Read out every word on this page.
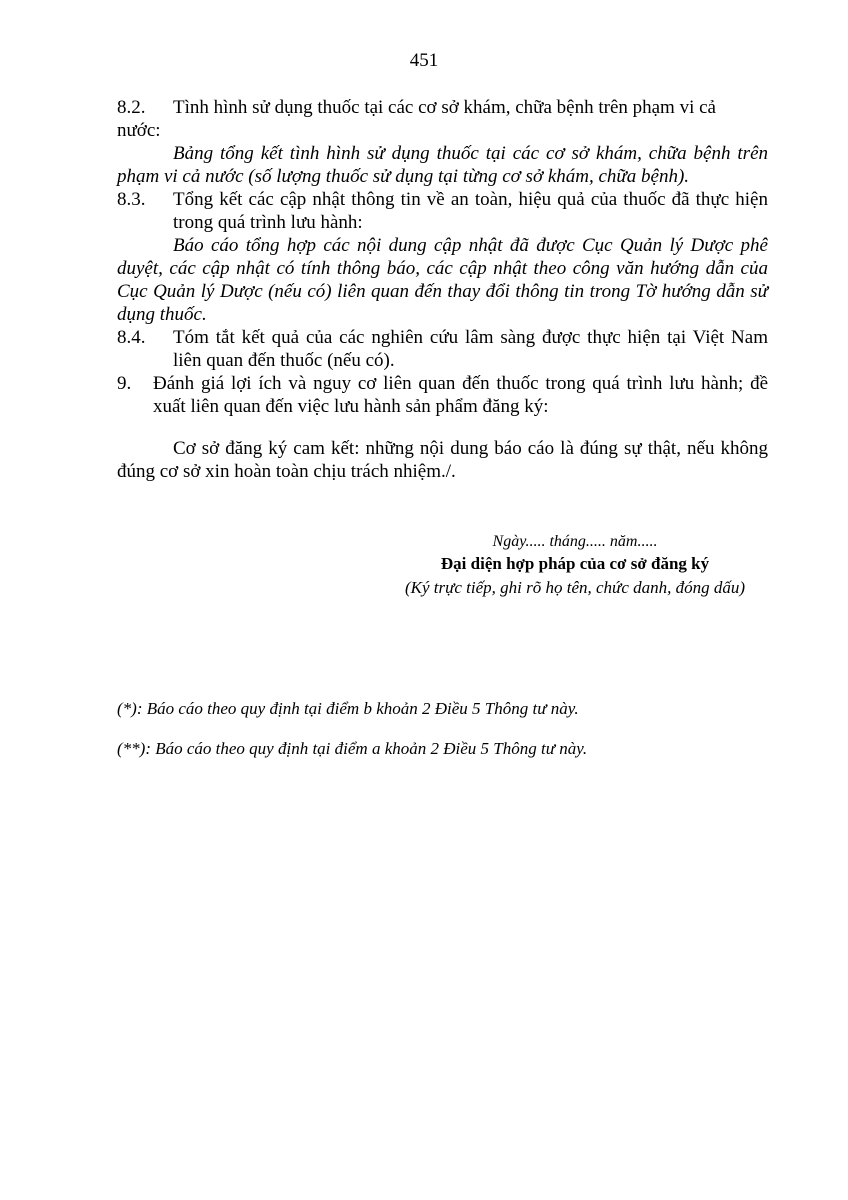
451
8.2.	Tình hình sử dụng thuốc tại các cơ sở khám, chữa bệnh trên phạm vi cả
nước:
Bảng tổng kết tình hình sử dụng thuốc tại các cơ sở khám, chữa bệnh trên phạm vi cả nước (số lượng thuốc sử dụng tại từng cơ sở khám, chữa bệnh).
8.3.	Tổng kết các cập nhật thông tin về an toàn, hiệu quả của thuốc đã thực hiện trong quá trình lưu hành:
Báo cáo tổng hợp các nội dung cập nhật đã được Cục Quản lý Dược phê duyệt, các cập nhật có tính thông báo, các cập nhật theo công văn hướng dẫn của Cục Quản lý Dược (nếu có) liên quan đến thay đổi thông tin trong Tờ hướng dẫn sử dụng thuốc.
8.4.	Tóm tắt kết quả của các nghiên cứu lâm sàng được thực hiện tại Việt Nam liên quan đến thuốc (nếu có).
9.	Đánh giá lợi ích và nguy cơ liên quan đến thuốc trong quá trình lưu hành; đề xuất liên quan đến việc lưu hành sản phẩm đăng ký:
Cơ sở đăng ký cam kết: những nội dung báo cáo là đúng sự thật, nếu không đúng cơ sở xin hoàn toàn chịu trách nhiệm./.
Ngày..... tháng..... năm.....
Đại diện hợp pháp của cơ sở đăng ký
(Ký trực tiếp, ghi rõ họ tên, chức danh, đóng dấu)
(*): Báo cáo theo quy định tại điểm b khoản 2 Điều 5 Thông tư này.
(**): Báo cáo theo quy định tại điểm a khoản 2 Điều 5 Thông tư này.
